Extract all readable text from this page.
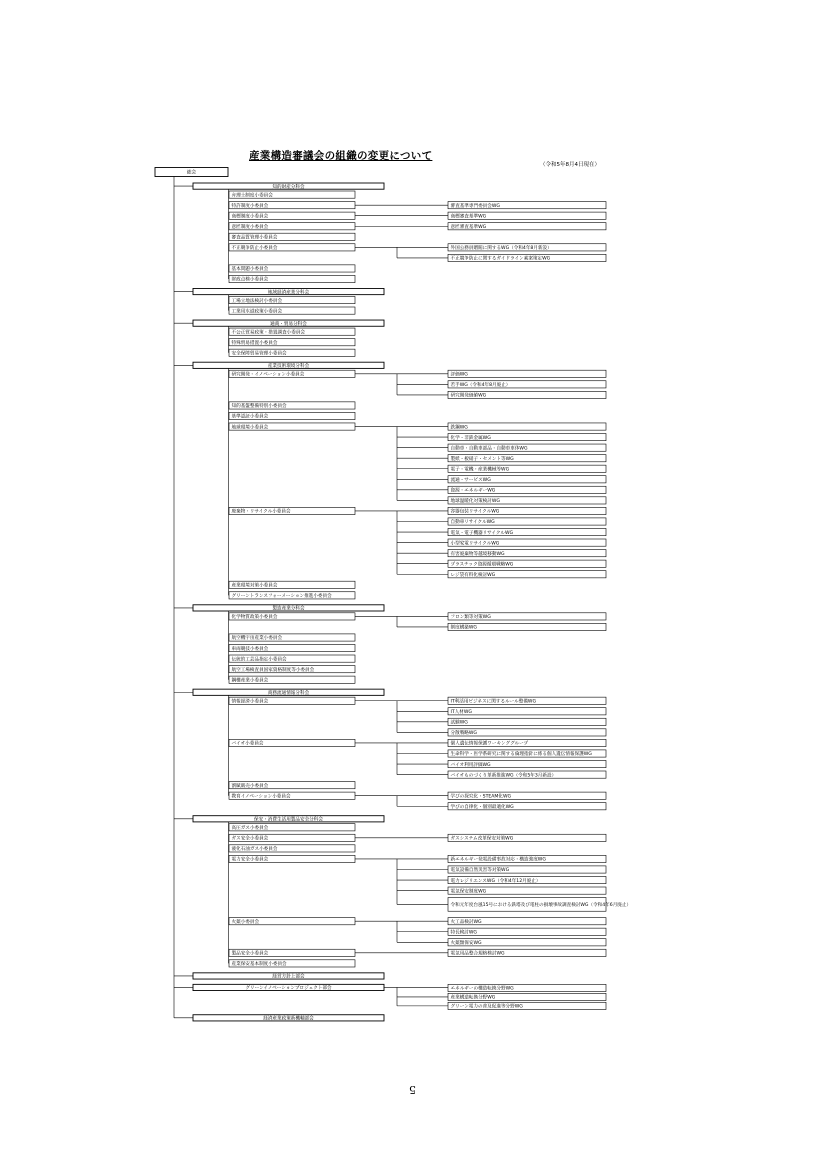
産業構造審議会の組織の変更について
（令和5年8月4日現在）
総会
知的財産分科会
弁理士制度小委員会
特許制度小委員会	審査基準専門委員会WG
商標制度小委員会	商標審査基準WG
意匠制度小委員会	意匠審査基準WG
審査品質管理小委員会
不正競争防止小委員会	外国公務員贈賄に関するWG（令和4年8月新設）
不正競争防止に関するガイドライン素案策定WG
基本問題小委員会
財政点検小委員会
地域経済産業分科会
工場立地法検討小委員会
工業用水道政策小委員会
通商・貿易分科会
不公正貿易政策・措置調査小委員会
特殊貿易措置小委員会
安全保障貿易管理小委員会
産業技術環境分科会
研究開発・イノベーション小委員会	評価WG
若手WG（令和4年8月廃止）
研究開発価値WG
知的基盤整備特別小委員会
基準認証小委員会
地球環境小委員会	鉄鋼WG
化学・非鉄金属WG
自動車・自動車部品・自動車車体WG
製紙・板硝子・セメント等WG
電子・電機・産業機械等WG
流通・サービスWG
資源・エネルギーWG
地球温暖化対策検討WG
廃棄物・リサイクル小委員会	容器包装リサイクルWG
自動車リサイクルWG
電気・電子機器リサイクルWG
小型家電リサイクルWG
有害廃棄物等越境移動WG
プラスチック資源循環戦略WG
レジ袋有料化検討WG
産業環境対策小委員会
グリーントランスフォーメーション推進小委員会
製造産業分科会
化学物質政策小委員会	フロン類等対策WG
制度構築WG
航空機宇宙産業小委員会
車両競技小委員会
伝統的工芸品指定小委員会
航空工場検査員国家資格制度等小委員会
鋼構産業小委員会
商務流通情報分科会
情報経済小委員会	IT利活用ビジネスに関するルール整備WG
IT人材WG
試験WG
分散戦略WG
バイオ小委員会	個人遺伝情報保護ワーキンググループ
生命科学・医学系研究に関する倫理指針に係る個人遺伝情報保護WG
バイオ利用評価WG
バイオものづくり革新推進WG（令和5年3月新設）
割賦販売小委員会
教育イノベーション小委員会	学びの探究化・STEAM化WG
学びの自律化・個別最適化WG
保安・消費生活用製品安全分科会
高圧ガス小委員会
ガス安全小委員会	ガスシステム改革保安対策WG
液化石油ガス小委員会
電力安全小委員会	新エネルギー発電設備事故対応・構造強度WG
電気設備自然災害等対策WG
電力レジリエンスWG（令和4年12月廃止）
電気保安制度WG
令和元年度台風15号における鉄塔及び電柱の損壊事故調査検討WG（令和4年6月廃止）
火薬小委員会	火工品検討WG
特長検討WG
火薬類保安WG
製品安全小委員会	電気用品整合規格検討WG
産業保安基本制度小委員会
経営方針上部会
グリーンイノベーションプロジェクト部会	エネルギーの構造転換分野WG
産業構造転換分野WG
グリーン電力の普及促進等分野WG
経済産業政策新機軸部会
5
